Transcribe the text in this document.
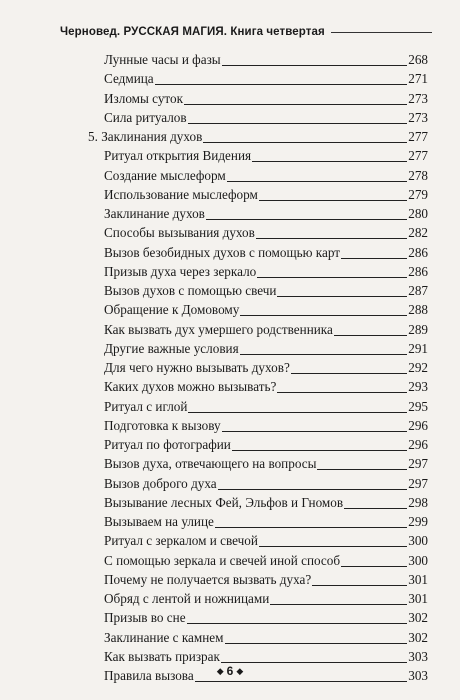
Черновед. РУССКАЯ МАГИЯ. Книга четвертая
Лунные часы и фазы	268
Седмица	271
Изломы суток	273
Сила ритуалов	273
5. Заклинания духов	277
Ритуал открытия Видения	277
Создание мыслеформ	278
Использование мыслеформ	279
Заклинание духов	280
Способы вызывания духов	282
Вызов безобидных духов с помощью карт	286
Призыв духа через зеркало	286
Вызов духов с помощью свечи	287
Обращение к Домовому	288
Как вызвать дух умершего родственника	289
Другие важные условия	291
Для чего нужно вызывать духов?	292
Каких духов можно вызывать?	293
Ритуал с иглой	295
Подготовка к вызову	296
Ритуал по фотографии	296
Вызов духа, отвечающего на вопросы	297
Вызов доброго духа	297
Вызывание лесных Фей, Эльфов и Гномов	298
Вызываем на улице	299
Ритуал с зеркалом и свечой	300
С помощью зеркала и свечей иной способ	300
Почему не получается вызвать духа?	301
Обряд с лентой и ножницами	301
Призыв во сне	302
Заклинание с камнем	302
Как вызвать призрак	303
Правила вызова	303
◆ 6 ◆
